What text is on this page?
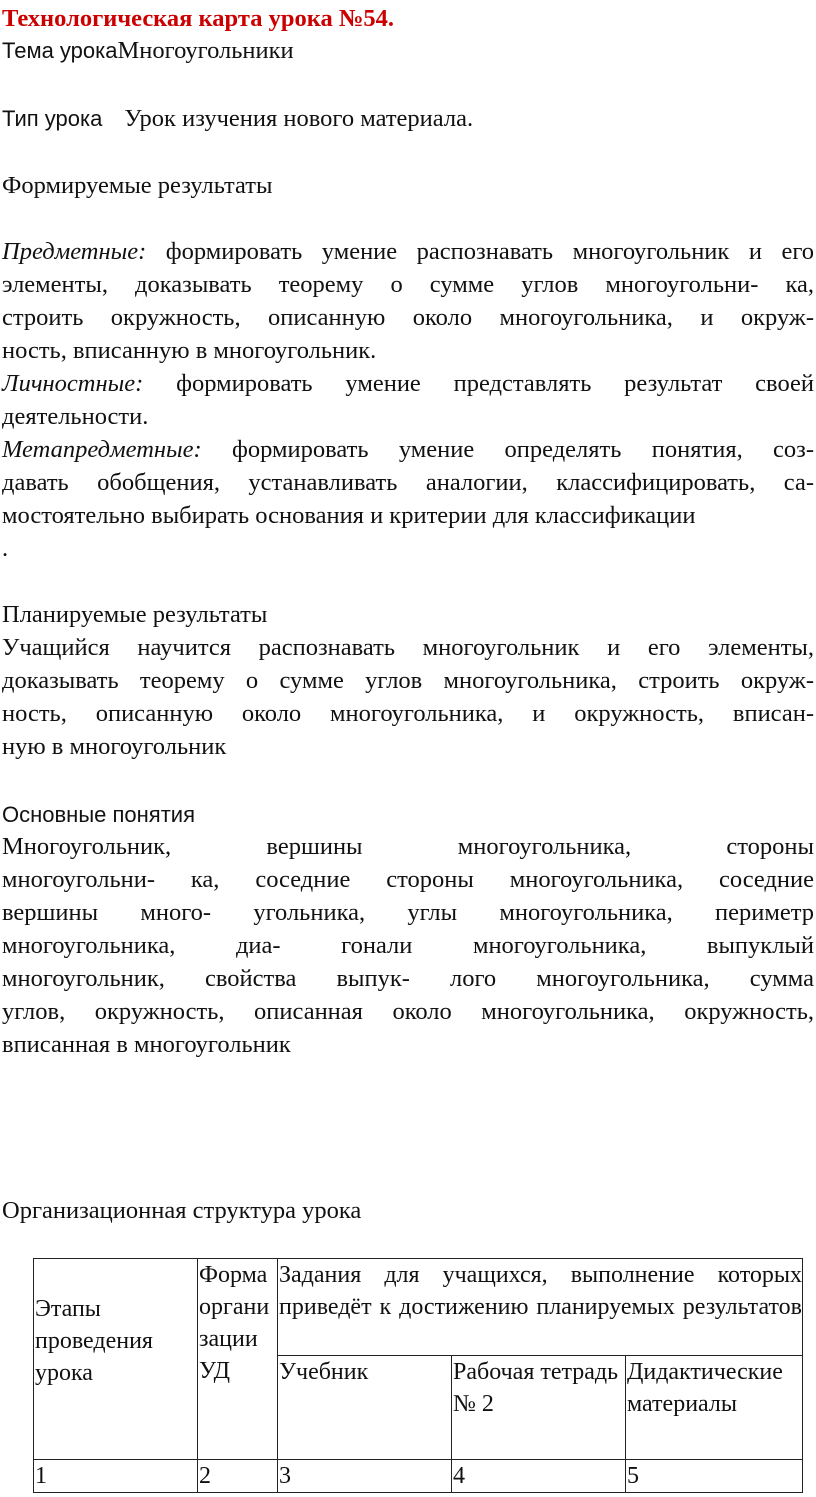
Технологическая карта урока №54.
Тема урокаМногоугольники
Тип урока Урок изучения нового материала.
Формируемые результаты
Предметные: формировать умение распознавать многоугольник и его
элементы, доказывать теорему о сумме углов многоугольни- ка,
строить окружность, описанную около многоугольника, и окруж-
ность, вписанную в многоугольник.
Личностные: формировать умение представлять результат своей
деятельности.
Метапредметные: формировать умение определять понятия, соз-
давать обобщения, устанавливать аналогии, классифицировать, са-
мостоятельно выбирать основания и критерии для классификации
.
Планируемые результаты
Учащийся научится распознавать многоугольник и его элементы,
доказывать теорему о сумме углов многоугольника, строить окруж-
ность, описанную около многоугольника, и окружность, вписан-
ную в многоугольник
Основные понятия
Многоугольник, вершины многоугольника, стороны
многоугольни- ка, соседние стороны многоугольника, соседние
вершины много- угольника, углы многоугольника, периметр
многоугольника, диа- гонали многоугольника, выпуклый
многоугольник, свойства выпук- лого многоугольника, сумма
углов, окружность, описанная около многоугольника, окружность,
вписанная в многоугольник
Организационная структура урока
Этапы проведения урока	Форма организации УД	Задания для учащихся, выполнение которых приведёт к достижению планируемых результатов		

		Учебник	Рабочая тетрадь № 2	Дидактические материалы
1	2	3	4	5
